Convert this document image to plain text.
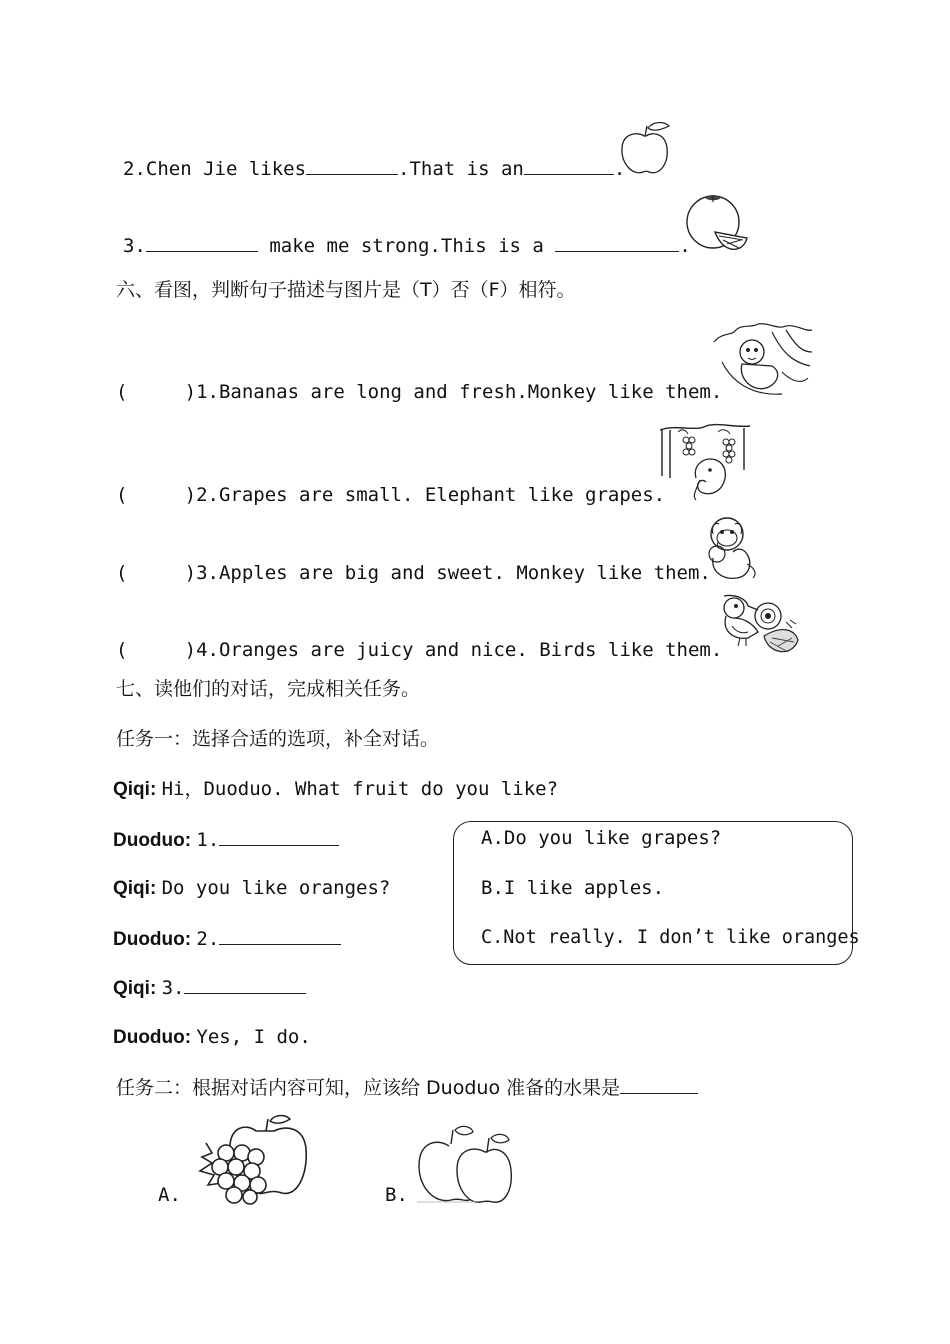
2.Chen Jie likes	.That is an	.
3.	make me strong.This is a	.
六、看图，判断句子描述与图片是（T）否（F）相符。
(     )1.Bananas are long and fresh.Monkey like them.
(     )2.Grapes are small. Elephant like grapes.
(     )3.Apples are big and sweet. Monkey like them.
(     )4.Oranges are juicy and nice. Birds like them.
七、读他们的对话，完成相关任务。
任务一：选择合适的选项，补全对话。
Qiqi: Hi，Duoduo. What fruit do you like?
Duoduo: 1.
Qiqi: Do you like oranges?
Duoduo: 2.
Qiqi: 3.
Duoduo: Yes, I do.
A.Do you like grapes?
B.I like apples.
C.Not really. I don’t like oranges
任务二：根据对话内容可知，应该给 Duoduo 准备的水果是
A.	B.
